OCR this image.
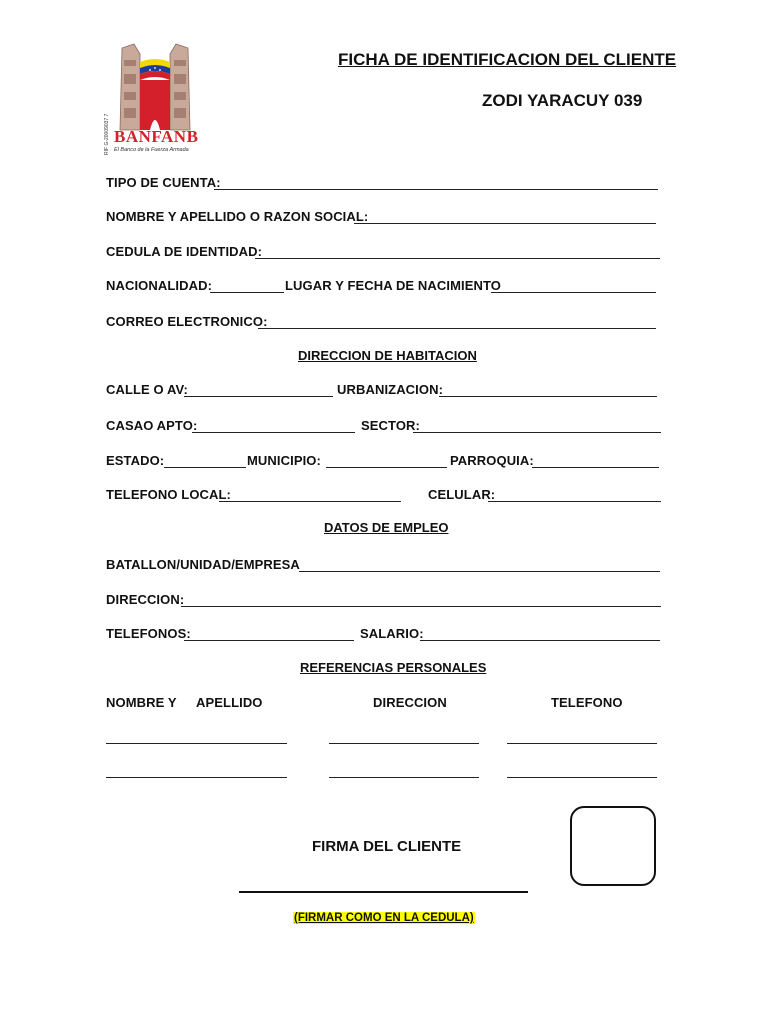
RIF G-20009037 7 BANFANB
El Banco de la Fuerza Armada
FICHA DE IDENTIFICACION DEL CLIENTE
ZODI YARACUY 039
TIPO DE CUENTA:
NOMBRE Y APELLIDO O RAZON SOCIAL:
CEDULA DE IDENTIDAD:
NACIONALIDAD:	LUGAR Y FECHA DE NACIMIENTO
CORREO ELECTRONICO:
DIRECCION DE HABITACION
CALLE O AV:	URBANIZACION:
CASAO APTO:	SECTOR:
ESTADO:	MUNICIPIO:	PARROQUIA:
TELEFONO LOCAL:	CELULAR:
DATOS DE EMPLEO
BATALLON/UNIDAD/EMPRESA
DIRECCION:
TELEFONOS:	SALARIO:
REFERENCIAS PERSONALES
NOMBRE Y APELLIDO	DIRECCION	TELEFONO
FIRMA DEL CLIENTE
(FIRMAR COMO EN LA CEDULA)
